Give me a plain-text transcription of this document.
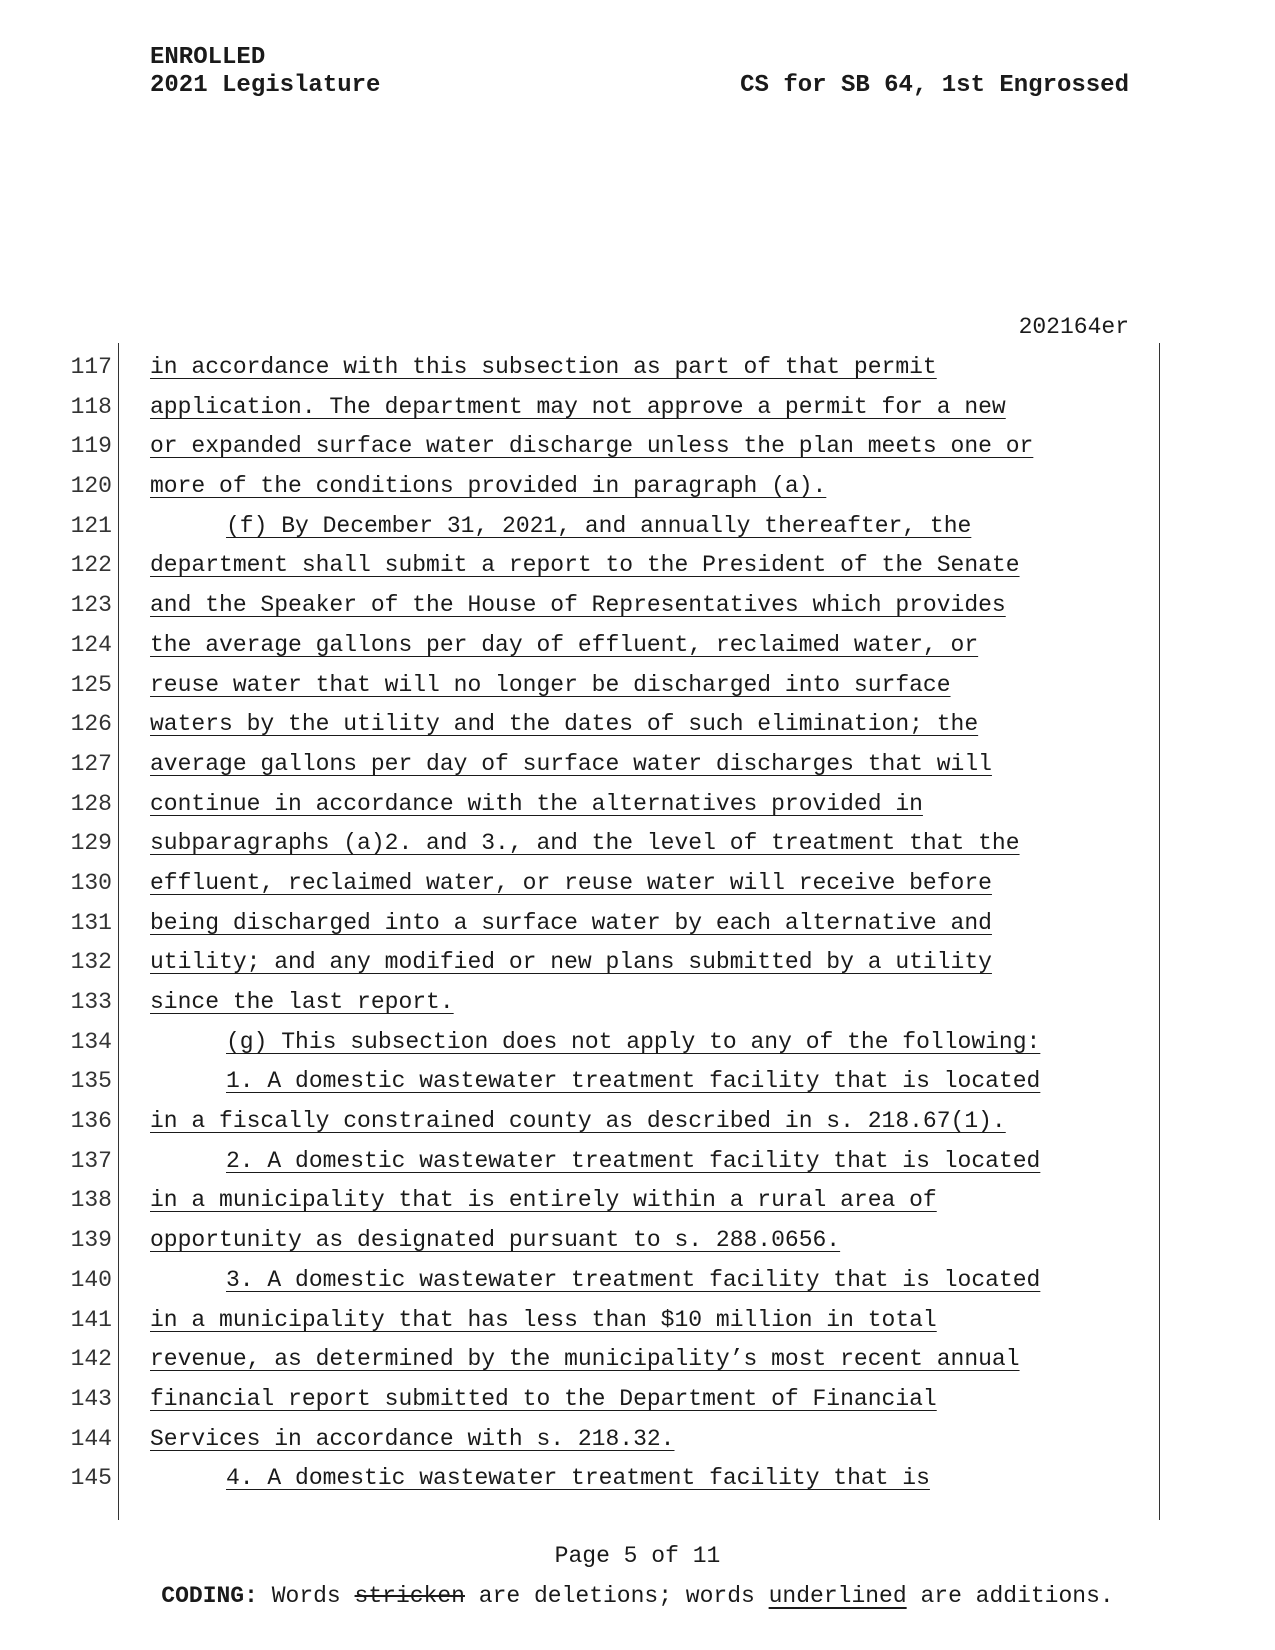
ENROLLED
2021 Legislature	CS for SB 64, 1st Engrossed
202164er
117 in accordance with this subsection as part of that permit
118 application. The department may not approve a permit for a new
119 or expanded surface water discharge unless the plan meets one or
120 more of the conditions provided in paragraph (a).
121	(f) By December 31, 2021, and annually thereafter, the
122 department shall submit a report to the President of the Senate
123 and the Speaker of the House of Representatives which provides
124 the average gallons per day of effluent, reclaimed water, or
125 reuse water that will no longer be discharged into surface
126 waters by the utility and the dates of such elimination; the
127 average gallons per day of surface water discharges that will
128 continue in accordance with the alternatives provided in
129 subparagraphs (a)2. and 3., and the level of treatment that the
130 effluent, reclaimed water, or reuse water will receive before
131 being discharged into a surface water by each alternative and
132 utility; and any modified or new plans submitted by a utility
133 since the last report.
134	(g) This subsection does not apply to any of the following:
135	1. A domestic wastewater treatment facility that is located
136 in a fiscally constrained county as described in s. 218.67(1).
137	2. A domestic wastewater treatment facility that is located
138 in a municipality that is entirely within a rural area of
139 opportunity as designated pursuant to s. 288.0656.
140	3. A domestic wastewater treatment facility that is located
141 in a municipality that has less than $10 million in total
142 revenue, as determined by the municipality’s most recent annual
143 financial report submitted to the Department of Financial
144 Services in accordance with s. 218.32.
145	4. A domestic wastewater treatment facility that is
Page 5 of 11
CODING: Words stricken are deletions; words underlined are additions.
